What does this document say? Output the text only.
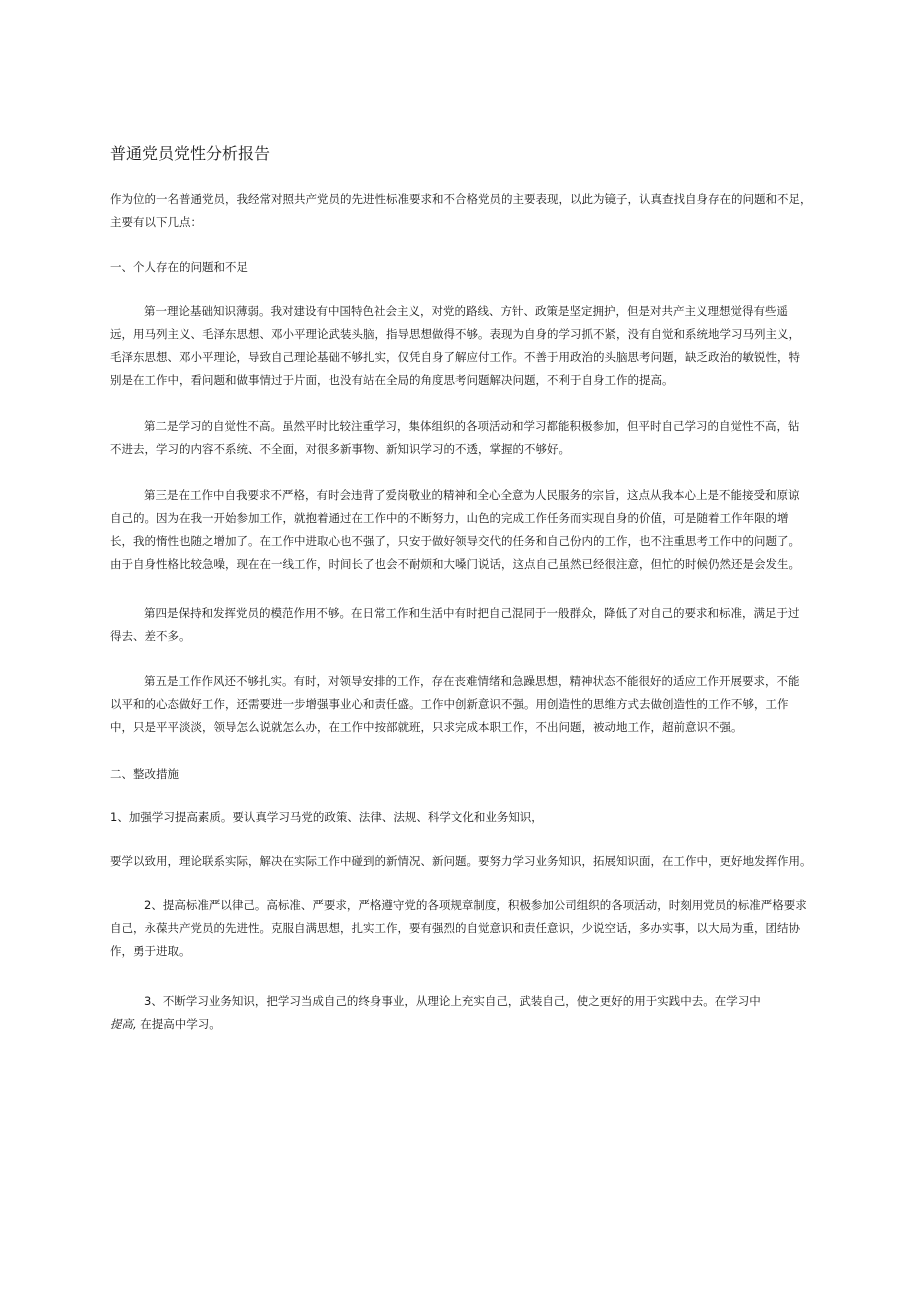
普通党员党性分析报告
作为位的一名普通党员，我经常对照共产党员的先进性标准要求和不合格党员的主要表现，以此为镜子，认真查找自身存在的问题和不足，
主要有以下几点：

一、个人存在的问题和不足

第一理论基础知识薄弱。我对建设有中国特色社会主义，对党的路线、方针、政策是坚定拥护，但是对共产主义理想觉得有些遥
远，用马列主义、毛泽东思想、邓小平理论武装头脑，指导思想做得不够。表现为自身的学习抓不紧，没有自觉和系统地学习马列主义，
毛泽东思想、邓小平理论，导致自己理论基础不够扎实，仅凭自身了解应付工作。不善于用政治的头脑思考问题，缺乏政治的敏锐性，特
别是在工作中，看问题和做事情过于片面，也没有站在全局的角度思考问题解决问题，不利于自身工作的提高。
第二是学习的自觉性不高。虽然平时比较注重学习，集体组织的各项活动和学习都能积极参加，但平时自己学习的自觉性不高，钻
不进去，学习的内容不系统、不全面，对很多新事物、新知识学习的不透，掌握的不够好。
第三是在工作中自我要求不严格，有时会违背了爱岗敬业的精神和全心全意为人民服务的宗旨，这点从我本心上是不能接受和原谅
自己的。因为在我一开始参加工作，就抱着通过在工作中的不断努力，山色的完成工作任务而实现自身的价值，可是随着工作年限的增
长，我的惰性也随之增加了。在工作中进取心也不强了，只安于做好领导交代的任务和自己份内的工作，也不注重思考工作中的问题了。
由于自身性格比较急噪，现在在一线工作，时间长了也会不耐烦和大嗓门说话，这点自己虽然已经很注意，但忙的时候仍然还是会发生。
第四是保持和发挥党员的模范作用不够。在日常工作和生活中有时把自己混同于一般群众，降低了对自己的要求和标准，满足于过
得去、差不多。
第五是工作作风还不够扎实。有时，对领导安排的工作，存在丧难情绪和急躁思想，精神状态不能很好的适应工作开展要求，不能
以平和的心态做好工作，还需要进一步增强事业心和责任盛。工作中创新意识不强。用创造性的思维方式去做创造性的工作不够，工作
中，只是平平淡淡，领导怎么说就怎么办，在工作中按部就班，只求完成本职工作，不出问题，被动地工作，超前意识不强。

二、整改措施

1、加强学习提高素质。要认真学习马党的政策、法律、法规、科学文化和业务知识，
要学以致用，理论联系实际，解决在实际工作中碰到的新情况、新问题。要努力学习业务知识，拓展知识面，在工作中，更好地发挥作用。
2、提高标准严以律己。高标准、严要求，严格遵守党的各项规章制度，积极参加公司组织的各项活动，时刻用党员的标准严格要求
自己，永葆共产党员的先进性。克服自满思想，扎实工作，要有强烈的自觉意识和责任意识，少说空话，多办实事，以大局为重，团结协
作，勇于进取。
3、不断学习业务知识，把学习当成自己的终身事业，从理论上充实自己，武装自己，使之更好的用于实践中去。在学习中
提高, 在提高中学习。
